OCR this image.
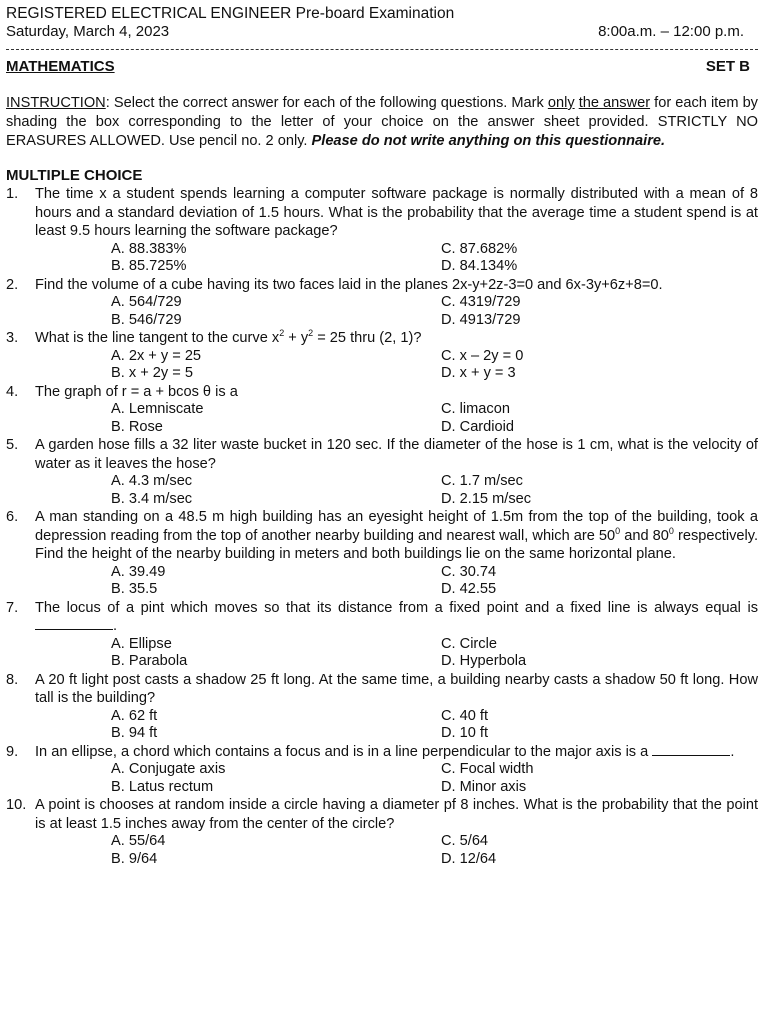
REGISTERED ELECTRICAL ENGINEER Pre-board Examination
Saturday, March 4, 2023	8:00a.m. – 12:00 p.m.
MATHEMATICS	SET B
INSTRUCTION: Select the correct answer for each of the following questions. Mark only the answer for each item by shading the box corresponding to the letter of your choice on the answer sheet provided. STRICTLY NO ERASURES ALLOWED. Use pencil no. 2 only. Please do not write anything on this questionnaire.
MULTIPLE CHOICE
1.	The time x a student spends learning a computer software package is normally distributed with a mean of 8 hours and a standard deviation of 1.5 hours. What is the probability that the average time a student spend is at least 9.5 hours learning the software package?
A. 88.383%	C. 87.682%
B. 85.725%	D. 84.134%
2.	Find the volume of a cube having its two faces laid in the planes 2x-y+2z-3=0 and 6x-3y+6z+8=0.
A. 564/729	C. 4319/729
B. 546/729	D. 4913/729
3.	What is the line tangent to the curve $x^2 + y^2 = 25$ thru (2, 1)?
A. 2x + y = 25	C. x – 2y = 0
B. x + 2y = 5	D. x + y = 3
4.	The graph of r = a + bcos θ is a
A. Lemniscate	C. limacon
B. Rose	D. Cardioid
5.	A garden hose fills a 32 liter waste bucket in 120 sec. If the diameter of the hose is 1 cm, what is the velocity of water as it leaves the hose?
A. 4.3 m/sec	C. 1.7 m/sec
B. 3.4 m/sec	D. 2.15 m/sec
6.	A man standing on a 48.5 m high building has an eyesight height of 1.5m from the top of the building, took a depression reading from the top of another nearby building and nearest wall, which are $50^0$ and $80^0$ respectively. Find the height of the nearby building in meters and both buildings lie on the same horizontal plane.
A. 39.49	C. 30.74
B. 35.5	D. 42.55
7.	The locus of a pint which moves so that its distance from a fixed point and a fixed line is always equal is .
A. Ellipse	C. Circle
B. Parabola	D. Hyperbola
8.	A 20 ft light post casts a shadow 25 ft long. At the same time, a building nearby casts a shadow 50 ft long. How tall is the building?
A. 62 ft	C. 40 ft
B. 94 ft	D. 10 ft
9.	In an ellipse, a chord which contains a focus and is in a line perpendicular to the major axis is a	.
A. Conjugate axis	C. Focal width
B. Latus rectum	D. Minor axis
10. A point is chooses at random inside a circle having a diameter pf 8 inches. What is the probability that the point is at least 1.5 inches away from the center of the circle?
A. 55/64	C. 5/64
B. 9/64	D. 12/64
